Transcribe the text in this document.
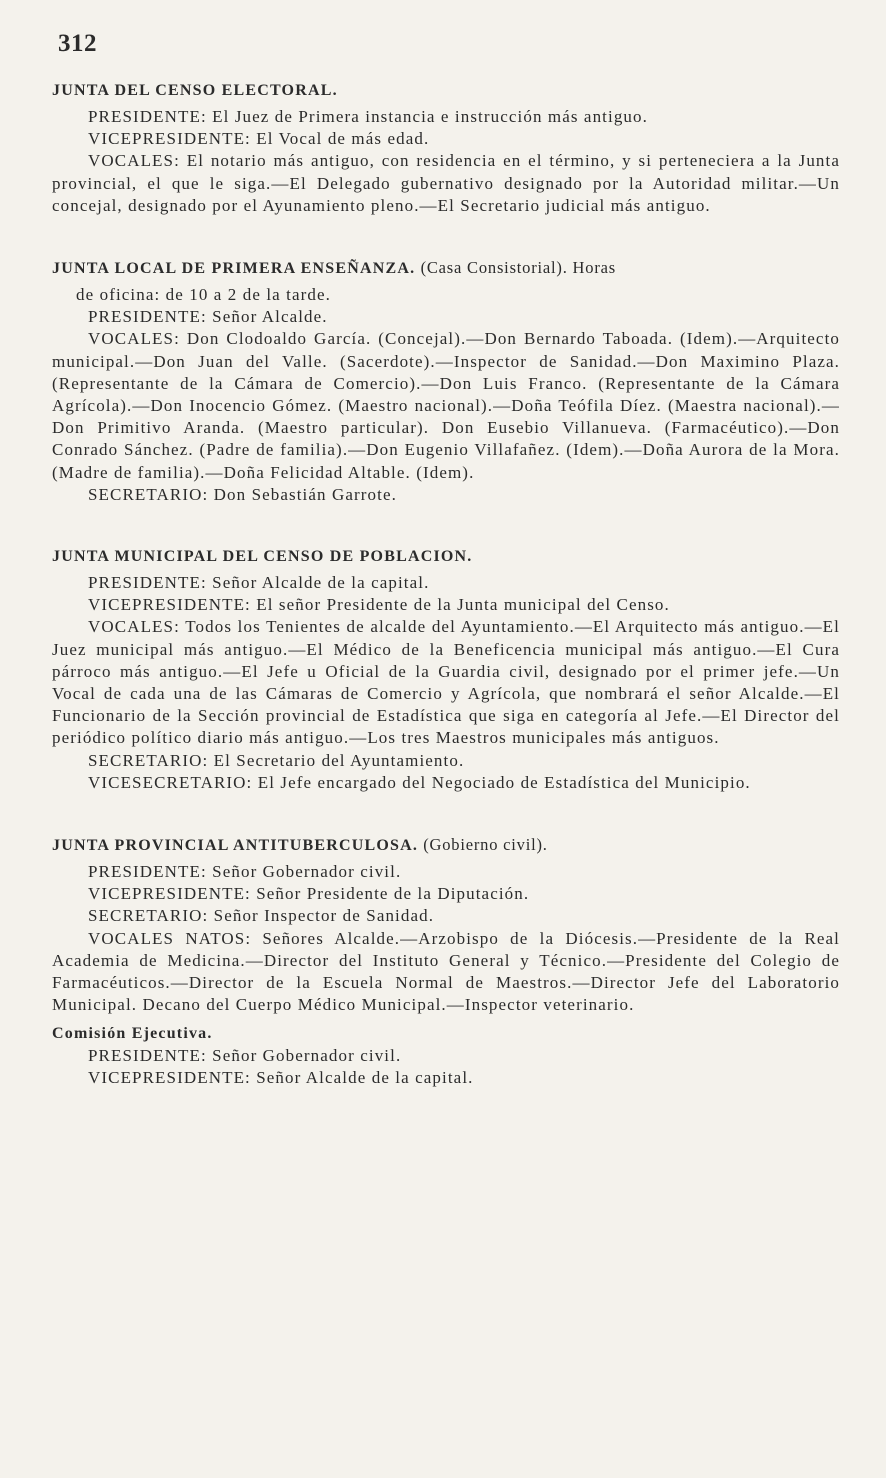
312
JUNTA DEL CENSO ELECTORAL.

PRESIDENTE: El Juez de Primera instancia e instrucción más antiguo.

VICEPRESIDENTE: El Vocal de más edad.

VOCALES: El notario más antiguo, con residencia en el término, y si perteneciera a la Junta provincial, el que le siga.—El Delegado gubernativo designado por la Autoridad militar.—Un concejal, designado por el Ayunamiento pleno.—El Secretario judicial más antiguo.

JUNTA LOCAL DE PRIMERA ENSEÑANZA. (Casa Consistorial). Horas

de oficina: de 10 a 2 de la tarde.

PRESIDENTE: Señor Alcalde.

VOCALES: Don Clodoaldo García. (Concejal).—Don Bernardo Taboada. (Idem).—Arquitecto municipal.—Don Juan del Valle. (Sacerdote).—Inspector de Sanidad.—Don Maximino Plaza. (Representante de la Cámara de Comercio).—Don Luis Franco. (Representante de la Cámara Agrícola).—Don Inocencio Gómez. (Maestro nacional).—Doña Teófila Díez. (Maestra nacional).—Don Primitivo Aranda. (Maestro particular). Don Eusebio Villanueva. (Farmacéutico).—Don Conrado Sánchez. (Padre de familia).—Don Eugenio Villafañez. (Idem).—Doña Aurora de la Mora. (Madre de familia).—Doña Felicidad Altable. (Idem).

SECRETARIO: Don Sebastián Garrote.

JUNTA MUNICIPAL DEL CENSO DE POBLACION.

PRESIDENTE: Señor Alcalde de la capital.

VICEPRESIDENTE: El señor Presidente de la Junta municipal del Censo.

VOCALES: Todos los Tenientes de alcalde del Ayuntamiento.—El Arquitecto más antiguo.—El Juez municipal más antiguo.—El Médico de la Beneficencia municipal más antiguo.—El Cura párroco más antiguo.—El Jefe u Oficial de la Guardia civil, designado por el primer jefe.—Un Vocal de cada una de las Cámaras de Comercio y Agrícola, que nombrará el señor Alcalde.—El Funcionario de la Sección provincial de Estadística que siga en categoría al Jefe.—El Director del periódico político diario más antiguo.—Los tres Maestros municipales más antiguos.

SECRETARIO: El Secretario del Ayuntamiento.

VICESECRETARIO: El Jefe encargado del Negociado de Estadística del Municipio.

JUNTA PROVINCIAL ANTITUBERCULOSA. (Gobierno civil).

PRESIDENTE: Señor Gobernador civil.

VICEPRESIDENTE: Señor Presidente de la Diputación.

SECRETARIO: Señor Inspector de Sanidad.

VOCALES NATOS: Señores Alcalde.—Arzobispo de la Diócesis.—Presidente de la Real Academia de Medicina.—Director del Instituto General y Técnico.—Presidente del Colegio de Farmacéuticos.—Director de la Escuela Normal de Maestros.—Director Jefe del Laboratorio Municipal. Decano del Cuerpo Médico Municipal.—Inspector veterinario.

Comisión Ejecutiva.

PRESIDENTE: Señor Gobernador civil.

VICEPRESIDENTE: Señor Alcalde de la capital.
